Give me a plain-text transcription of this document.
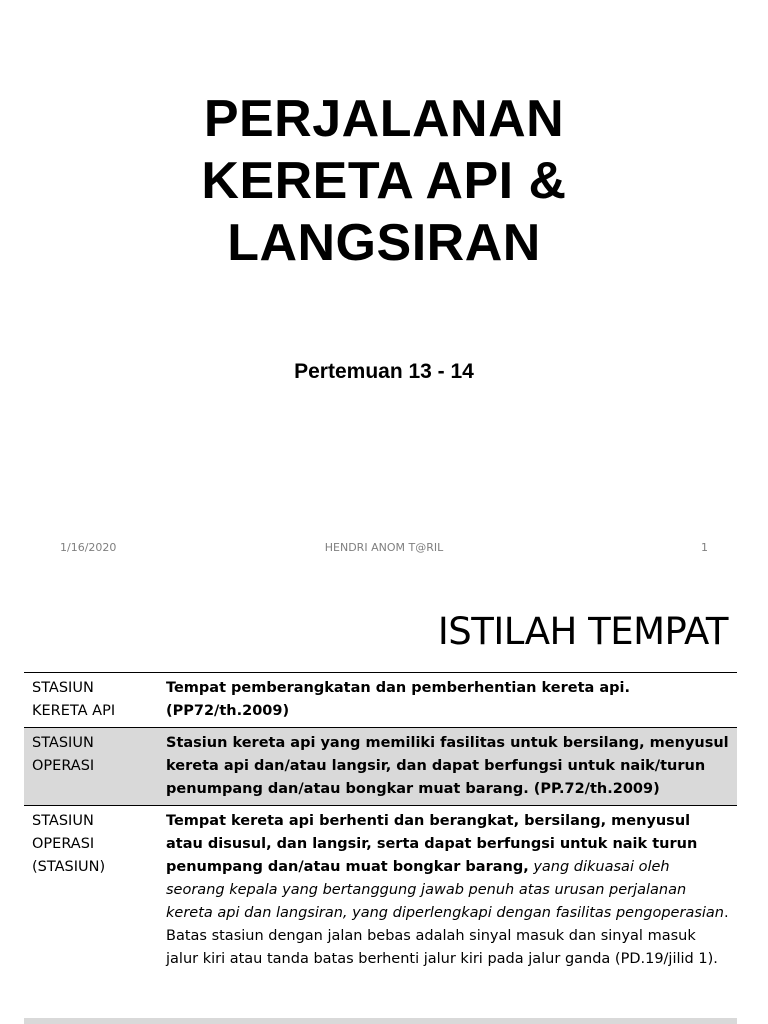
PERJALANAN
KERETA API &
LANGSIRAN
Pertemuan 13 - 14
1/16/2020	HENDRI ANOM T@RIL	1
ISTILAH TEMPAT
STASIUN KERETA API	Tempat pemberangkatan dan pemberhentian kereta api. (PP72/th.2009)
STASIUN OPERASI	Stasiun kereta api yang memiliki fasilitas untuk bersilang, menyusul kereta api dan/atau langsir, dan dapat berfungsi untuk naik/turun penumpang dan/atau bongkar muat barang. (PP.72/th.2009)
STASIUN OPERASI (STASIUN)	Tempat kereta api berhenti dan berangkat, bersilang, menyusul atau disusul, dan langsir, serta dapat berfungsi untuk naik turun penumpang dan/atau muat bongkar barang, yang dikuasai oleh seorang kepala yang bertanggung jawab penuh atas urusan perjalanan kereta api dan langsiran, yang diperlengkapi dengan fasilitas pengoperasian.
Batas stasiun dengan jalan bebas adalah sinyal masuk dan sinyal masuk jalur kiri atau tanda batas berhenti jalur kiri pada jalur ganda (PD.19/jilid 1).
